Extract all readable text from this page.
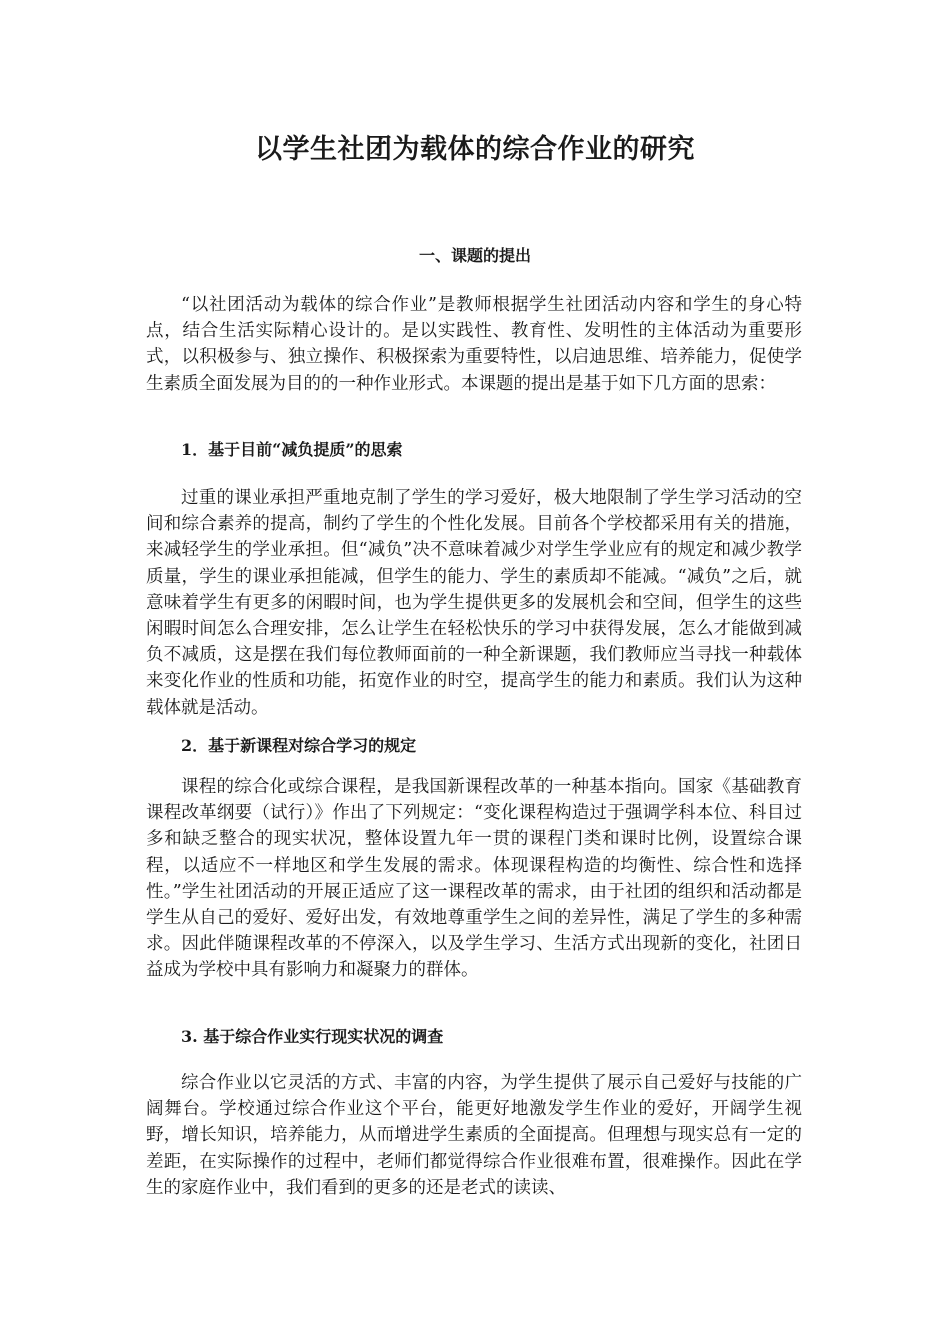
以学生社团为载体的综合作业的研究
一、课题的提出

“以社团活动为载体的综合作业”是教师根据学生社团活动内容和学生的身心特点，结合生活实际精心设计的。是以实践性、教育性、发明性的主体活动为重要形式，以积极参与、独立操作、积极探索为重要特性，以启迪思维、培养能力，促使学生素质全面发展为目的的一种作业形式。本课题的提出是基于如下几方面的思索：

1．基于目前“减负提质”的思索

过重的课业承担严重地克制了学生的学习爱好，极大地限制了学生学习活动的空间和综合素养的提高，制约了学生的个性化发展。目前各个学校都采用有关的措施，来减轻学生的学业承担。但“减负”决不意味着减少对学生学业应有的规定和减少教学质量，学生的课业承担能减，但学生的能力、学生的素质却不能减。“减负”之后，就意味着学生有更多的闲暇时间，也为学生提供更多的发展机会和空间，但学生的这些闲暇时间怎么合理安排，怎么让学生在轻松快乐的学习中获得发展，怎么才能做到减负不减质，这是摆在我们每位教师面前的一种全新课题，我们教师应当寻找一种载体来变化作业的性质和功能，拓宽作业的时空，提高学生的能力和素质。我们认为这种载体就是活动。

2．基于新课程对综合学习的规定

课程的综合化或综合课程，是我国新课程改革的一种基本指向。国家《基础教育课程改革纲要（试行）》作出了下列规定：“变化课程构造过于强调学科本位、科目过多和缺乏整合的现实状况，整体设置九年一贯的课程门类和课时比例，设置综合课程，以适应不一样地区和学生发展的需求。体现课程构造的均衡性、综合性和选择性。”学生社团活动的开展正适应了这一课程改革的需求，由于社团的组织和活动都是学生从自己的爱好、爱好出发，有效地尊重学生之间的差异性，满足了学生的多种需求。因此伴随课程改革的不停深入，以及学生学习、生活方式出现新的变化，社团日益成为学校中具有影响力和凝聚力的群体。

3. 基于综合作业实行现实状况的调查

综合作业以它灵活的方式、丰富的内容，为学生提供了展示自己爱好与技能的广阔舞台。学校通过综合作业这个平台，能更好地激发学生作业的爱好，开阔学生视野，增长知识，培养能力，从而增进学生素质的全面提高。但理想与现实总有一定的差距，在实际操作的过程中，老师们都觉得综合作业很难布置，很难操作。因此在学生的家庭作业中，我们看到的更多的还是老式的读读、
